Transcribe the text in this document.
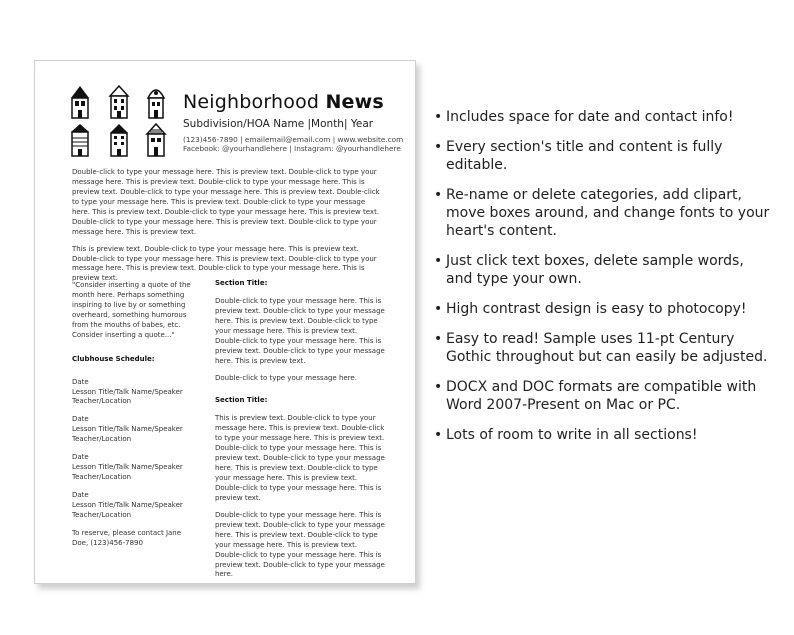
Neighborhood News
Subdivision/HOA Name |Month| Year
(123)456-7890 | emailemail@email.com | www.website.com
Facebook: @yourhandlehere | Instagram: @yourhandlehere

Double-click to type your message here. This is preview text. Double-click to type your message here. This is preview text. Double-click to type your message here. This is preview text. Double-click to type your message here. This is preview text. Double-click to type your message here. This is preview text. Double-click to type your message here. This is preview text. Double-click to type your message here. This is preview text. Double-click to type your message here. This is preview text. Double-click to type your message here. This is preview text.

This is preview text. Double-click to type your message here. This is preview text. Double-click to type your message here. This is preview text. Double-click to type your message here. This is preview text. Double-click to type your message here. This is preview text.

"Consider inserting a quote of the month here. Perhaps something inspiring to live by or something overheard, something humorous from the mouths of babes, etc. Consider inserting a quote..."
Clubhouse Schedule:
Date
Lesson Title/Talk Name/Speaker
Teacher/Location
Date
Lesson Title/Talk Name/Speaker
Teacher/Location
Date
Lesson Title/Talk Name/Speaker
Teacher/Location
Date
Lesson Title/Talk Name/Speaker
Teacher/Location
To reserve, please contact Jane Doe, (123)456-7890
Section Title:

Double-click to type your message here. This is preview text. Double-click to type your message here. This is preview text. Double-click to type your message here. This is preview text. Double-click to type your message here. This is preview text. Double-click to type your message here. This is preview text.

Double-click to type your message here.

Section Title:

This is preview text. Double-click to type your message here. This is preview text. Double-click to type your message here. This is preview text. Double-click to type your message here. This is preview text. Double-click to type your message here. This is preview text. Double-click to type your message here. This is preview text. Double-click to type your message here. This is preview text.

Double-click to type your message here. This is preview text. Double-click to type your message here. This is preview text. Double-click to type your message here. This is preview text. Double-click to type your message here. This is preview text. Double-click to type your message here.

• Includes space for date and contact info!
• Every section's title and content is fully editable.
• Re-name or delete categories, add clipart, move boxes around, and change fonts to your heart's content.
• Just click text boxes, delete sample words, and type your own.
• High contrast design is easy to photocopy!
• Easy to read! Sample uses 11-pt Century Gothic throughout but can easily be adjusted.
• DOCX and DOC formats are compatible with Word 2007-Present on Mac or PC.
• Lots of room to write in all sections!
